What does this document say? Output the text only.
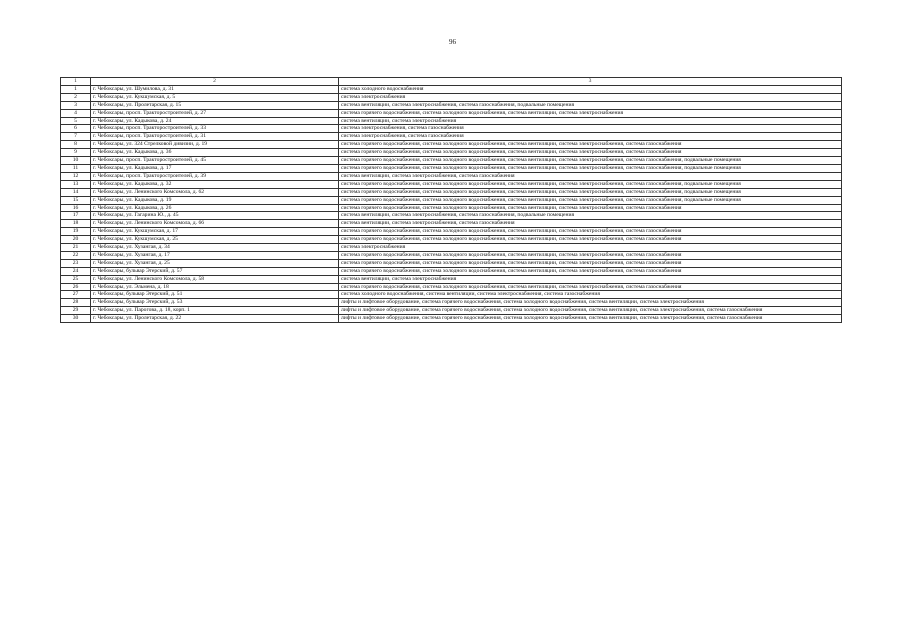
96
1	2	3
1	г. Чебоксары, ул. Шумилова, д. 31	система холодного водоснабжения
2	г. Чебоксары, ул. Кукшумская, д. 5	система электроснабжения
3	г. Чебоксары, ул. Пролетарская, д. 15	система вентиляции, система электроснабжения, система газоснабжения, подвальные помещения
4	г. Чебоксары, просп. Тракторостроителей, д. 27	система горячего водоснабжения, система холодного водоснабжения, система вентиляции, система электроснабжения
5	г. Чебоксары, ул. Кадыкова, д. 24	система вентиляции, система электроснабжения
6	г. Чебоксары, просп. Тракторостроителей, д. 33	система электроснабжения, система газоснабжения
7	г. Чебоксары, просп. Тракторостроителей, д. 31	система электроснабжения, система газоснабжения
8	г. Чебоксары, ул. 324 Стрелковой дивизии, д. 19	система горячего водоснабжения, система холодного водоснабжения, система вентиляции, система электроснабжения, система газоснабжения
9	г. Чебоксары, ул. Кадыкова, д. 36	система горячего водоснабжения, система холодного водоснабжения, система вентиляции, система электроснабжения, система газоснабжения
10	г. Чебоксары, просп. Тракторостроителей, д. 45	система горячего водоснабжения, система холодного водоснабжения, система вентиляции, система электроснабжения, система газоснабжения, подвальные помещения
11	г. Чебоксары, ул. Кадыкова, д. 17	система горячего водоснабжения, система холодного водоснабжения, система вентиляции, система электроснабжения, система газоснабжения, подвальные помещения
12	г. Чебоксары, просп. Тракторостроителей, д. 39	система вентиляции, система электроснабжения, система газоснабжения
13	г. Чебоксары, ул. Кадыкова, д. 32	система горячего водоснабжения, система холодного водоснабжения, система вентиляции, система электроснабжения, система газоснабжения, подвальные помещения
14	г. Чебоксары, ул. Ленинского Комсомола, д. 62	система горячего водоснабжения, система холодного водоснабжения, система вентиляции, система электроснабжения, система газоснабжения, подвальные помещения
15	г. Чебоксары, ул. Кадыкова, д. 19	система горячего водоснабжения, система холодного водоснабжения, система вентиляции, система электроснабжения, система газоснабжения, подвальные помещения
16	г. Чебоксары, ул. Кадыкова, д. 26	система горячего водоснабжения, система холодного водоснабжения, система вентиляции, система электроснабжения, система газоснабжения
17	г. Чебоксары, ул. Гагарина Ю., д. 45	система вентиляции, система электроснабжения, система газоснабжения, подвальные помещения
18	г. Чебоксары, ул. Ленинского Комсомола, д. 66	система вентиляции, система электроснабжения, система газоснабжения
19	г. Чебоксары, ул. Кукшумская, д. 17	система горячего водоснабжения, система холодного водоснабжения, система вентиляции, система электроснабжения, система газоснабжения
20	г. Чебоксары, ул. Кукшумская, д. 25	система горячего водоснабжения, система холодного водоснабжения, система вентиляции, система электроснабжения, система газоснабжения
21	г. Чебоксары, ул. Хузангая, д. 34	система электроснабжения
22	г. Чебоксары, ул. Хузангая, д. 17	система горячего водоснабжения, система холодного водоснабжения, система вентиляции, система электроснабжения, система газоснабжения
23	г. Чебоксары, ул. Хузангая, д. 25	система горячего водоснабжения, система холодного водоснабжения, система вентиляции, система электроснабжения, система газоснабжения
24	г. Чебоксары, бульвар Эгерский, д. 57	система горячего водоснабжения, система холодного водоснабжения, система вентиляции, система электроснабжения, система газоснабжения
25	г. Чебоксары, ул. Ленинского Комсомола, д. 58	система вентиляции, система электроснабжения
26	г. Чебоксары, ул. Эльмена, д. 18	система горячего водоснабжения, система холодного водоснабжения, система вентиляции, система электроснабжения, система газоснабжения
27	г. Чебоксары, бульвар Эгерский, д. 51	система холодного водоснабжения, система вентиляции, система электроснабжения, система газоснабжения
28	г. Чебоксары, бульвар Эгерский, д. 53	лифты и лифтовое оборудование, система горячего водоснабжения, система холодного водоснабжения, система вентиляции, система электроснабжения
29	г. Чебоксары, ул. Парогова, д. 18, корп. 1	лифты и лифтовое оборудование, система горячего водоснабжения, система холодного водоснабжения, система вентиляции, система электроснабжения, система газоснабжения
30	г. Чебоксары, ул. Пролетарская, д. 22	лифты и лифтовое оборудование, система горячего водоснабжения, система холодного водоснабжения, система вентиляции, система электроснабжения, система газоснабжения
